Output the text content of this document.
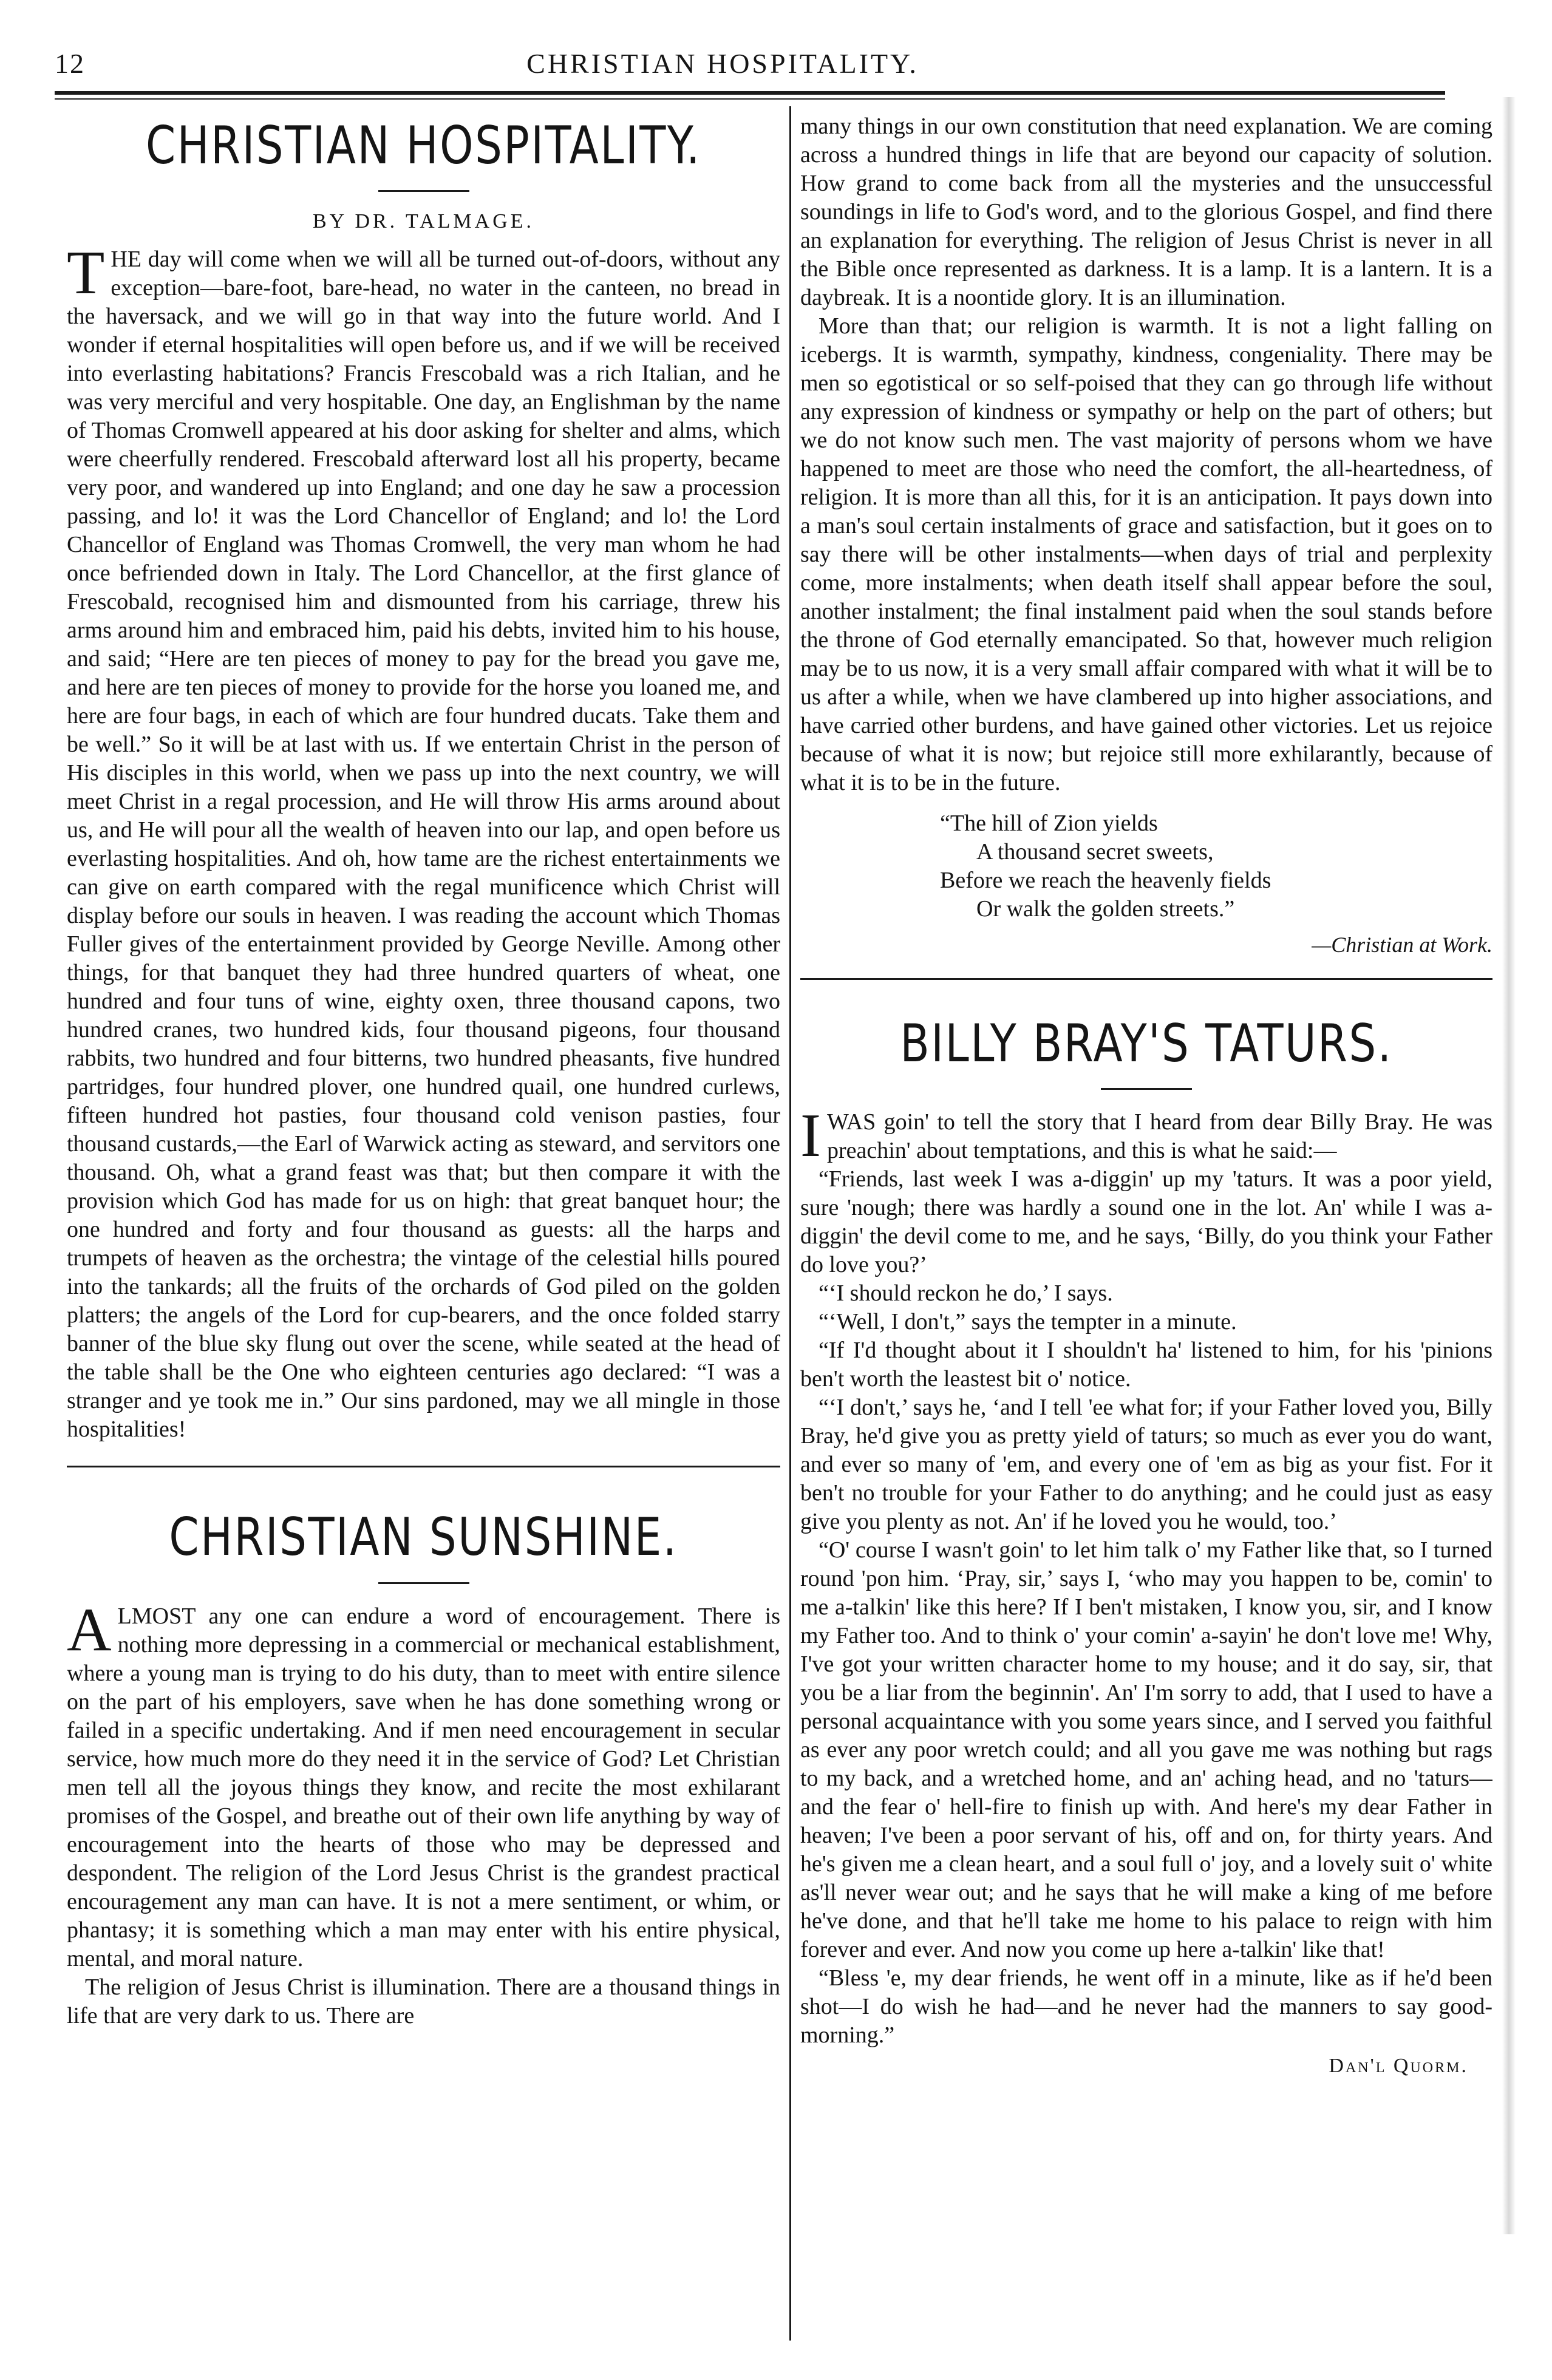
12	CHRISTIAN HOSPITALITY.
CHRISTIAN HOSPITALITY.
BY DR. TALMAGE.

THE day will come when we will all be turned out-of-doors, without any exception—bare-foot, bare-head, no water in the canteen, no bread in the haversack, and we will go in that way into the future world. And I wonder if eternal hospitalities will open before us, and if we will be received into everlasting habitations? Francis Frescobald was a rich Italian, and he was very merciful and very hospitable. One day, an Englishman by the name of Thomas Cromwell appeared at his door asking for shelter and alms, which were cheerfully rendered. Frescobald afterward lost all his property, became very poor, and wandered up into England; and one day he saw a procession passing, and lo! it was the Lord Chancellor of England; and lo! the Lord Chancellor of England was Thomas Cromwell, the very man whom he had once befriended down in Italy. The Lord Chancellor, at the first glance of Frescobald, recognised him and dismounted from his carriage, threw his arms around him and embraced him, paid his debts, invited him to his house, and said; “Here are ten pieces of money to pay for the bread you gave me, and here are ten pieces of money to provide for the horse you loaned me, and here are four bags, in each of which are four hundred ducats. Take them and be well.” So it will be at last with us. If we entertain Christ in the person of His disciples in this world, when we pass up into the next country, we will meet Christ in a regal procession, and He will throw His arms around about us, and He will pour all the wealth of heaven into our lap, and open before us everlasting hospitalities. And oh, how tame are the richest entertainments we can give on earth compared with the regal munificence which Christ will display before our souls in heaven. I was reading the account which Thomas Fuller gives of the entertainment provided by George Neville. Among other things, for that banquet they had three hundred quarters of wheat, one hundred and four tuns of wine, eighty oxen, three thousand capons, two hundred cranes, two hundred kids, four thousand pigeons, four thousand rabbits, two hundred and four bitterns, two hundred pheasants, five hundred partridges, four hundred plover, one hundred quail, one hundred curlews, fifteen hundred hot pasties, four thousand cold venison pasties, four thousand custards,—the Earl of Warwick acting as steward, and servitors one thousand. Oh, what a grand feast was that; but then compare it with the provision which God has made for us on high: that great banquet hour; the one hundred and forty and four thousand as guests: all the harps and trumpets of heaven as the orchestra; the vintage of the celestial hills poured into the tankards; all the fruits of the orchards of God piled on the golden platters; the angels of the Lord for cup-bearers, and the once folded starry banner of the blue sky flung out over the scene, while seated at the head of the table shall be the One who eighteen centuries ago declared: “I was a stranger and ye took me in.” Our sins pardoned, may we all mingle in those hospitalities!

CHRISTIAN SUNSHINE.

ALMOST any one can endure a word of encouragement. There is nothing more depressing in a commercial or mechanical establishment, where a young man is trying to do his duty, than to meet with entire silence on the part of his employers, save when he has done something wrong or failed in a specific undertaking. And if men need encouragement in secular service, how much more do they need it in the service of God? Let Christian men tell all the joyous things they know, and recite the most exhilarant promises of the Gospel, and breathe out of their own life anything by way of encouragement into the hearts of those who may be depressed and despondent. The religion of the Lord Jesus Christ is the grandest practical encouragement any man can have. It is not a mere sentiment, or whim, or phantasy; it is something which a man may enter with his entire physical, mental, and moral nature.

The religion of Jesus Christ is illumination. There are a thousand things in life that are very dark to us. There are

many things in our own constitution that need explanation. We are coming across a hundred things in life that are beyond our capacity of solution. How grand to come back from all the mysteries and the unsuccessful soundings in life to God's word, and to the glorious Gospel, and find there an explanation for everything. The religion of Jesus Christ is never in all the Bible once represented as darkness. It is a lamp. It is a lantern. It is a daybreak. It is a noontide glory. It is an illumination.

More than that; our religion is warmth. It is not a light falling on icebergs. It is warmth, sympathy, kindness, congeniality. There may be men so egotistical or so self-poised that they can go through life without any expression of kindness or sympathy or help on the part of others; but we do not know such men. The vast majority of persons whom we have happened to meet are those who need the comfort, the all-heartedness, of religion. It is more than all this, for it is an anticipation. It pays down into a man's soul certain instalments of grace and satisfaction, but it goes on to say there will be other instalments—when days of trial and perplexity come, more instalments; when death itself shall appear before the soul, another instalment; the final instalment paid when the soul stands before the throne of God eternally emancipated. So that, however much religion may be to us now, it is a very small affair compared with what it will be to us after a while, when we have clambered up into higher associations, and have carried other burdens, and have gained other victories. Let us rejoice because of what it is now; but rejoice still more exhilarantly, because of what it is to be in the future.

“The hill of Zion yields
A thousand secret sweets,
Before we reach the heavenly fields
Or walk the golden streets.”
—Christian at Work.
BILLY BRAY'S TATURS.

IWAS goin' to tell the story that I heard from dear Billy Bray. He was preachin' about temptations, and this is what he said:—

“Friends, last week I was a-diggin' up my 'taturs. It was a poor yield, sure 'nough; there was hardly a sound one in the lot. An' while I was a-diggin' the devil come to me, and he says, ‘Billy, do you think your Father do love you?’

“‘I should reckon he do,’ I says.

“‘Well, I don't,” says the tempter in a minute.

“If I'd thought about it I shouldn't ha' listened to him, for his 'pinions ben't worth the leastest bit o' notice.

“‘I don't,’ says he, ‘and I tell 'ee what for; if your Father loved you, Billy Bray, he'd give you as pretty yield of taturs; so much as ever you do want, and ever so many of 'em, and every one of 'em as big as your fist. For it ben't no trouble for your Father to do anything; and he could just as easy give you plenty as not. An' if he loved you he would, too.’

“O' course I wasn't goin' to let him talk o' my Father like that, so I turned round 'pon him. ‘Pray, sir,’ says I, ‘who may you happen to be, comin' to me a-talkin' like this here? If I ben't mistaken, I know you, sir, and I know my Father too. And to think o' your comin' a-sayin' he don't love me! Why, I've got your written character home to my house; and it do say, sir, that you be a liar from the beginnin'. An' I'm sorry to add, that I used to have a personal acquaintance with you some years since, and I served you faithful as ever any poor wretch could; and all you gave me was nothing but rags to my back, and a wretched home, and an' aching head, and no 'taturs—and the fear o' hell-fire to finish up with. And here's my dear Father in heaven; I've been a poor servant of his, off and on, for thirty years. And he's given me a clean heart, and a soul full o' joy, and a lovely suit o' white as'll never wear out; and he says that he will make a king of me before he've done, and that he'll take me home to his palace to reign with him forever and ever. And now you come up here a-talkin' like that!

“Bless 'e, my dear friends, he went off in a minute, like as if he'd been shot—I do wish he had—and he never had the manners to say good-morning.”

Dan'l Quorm.
